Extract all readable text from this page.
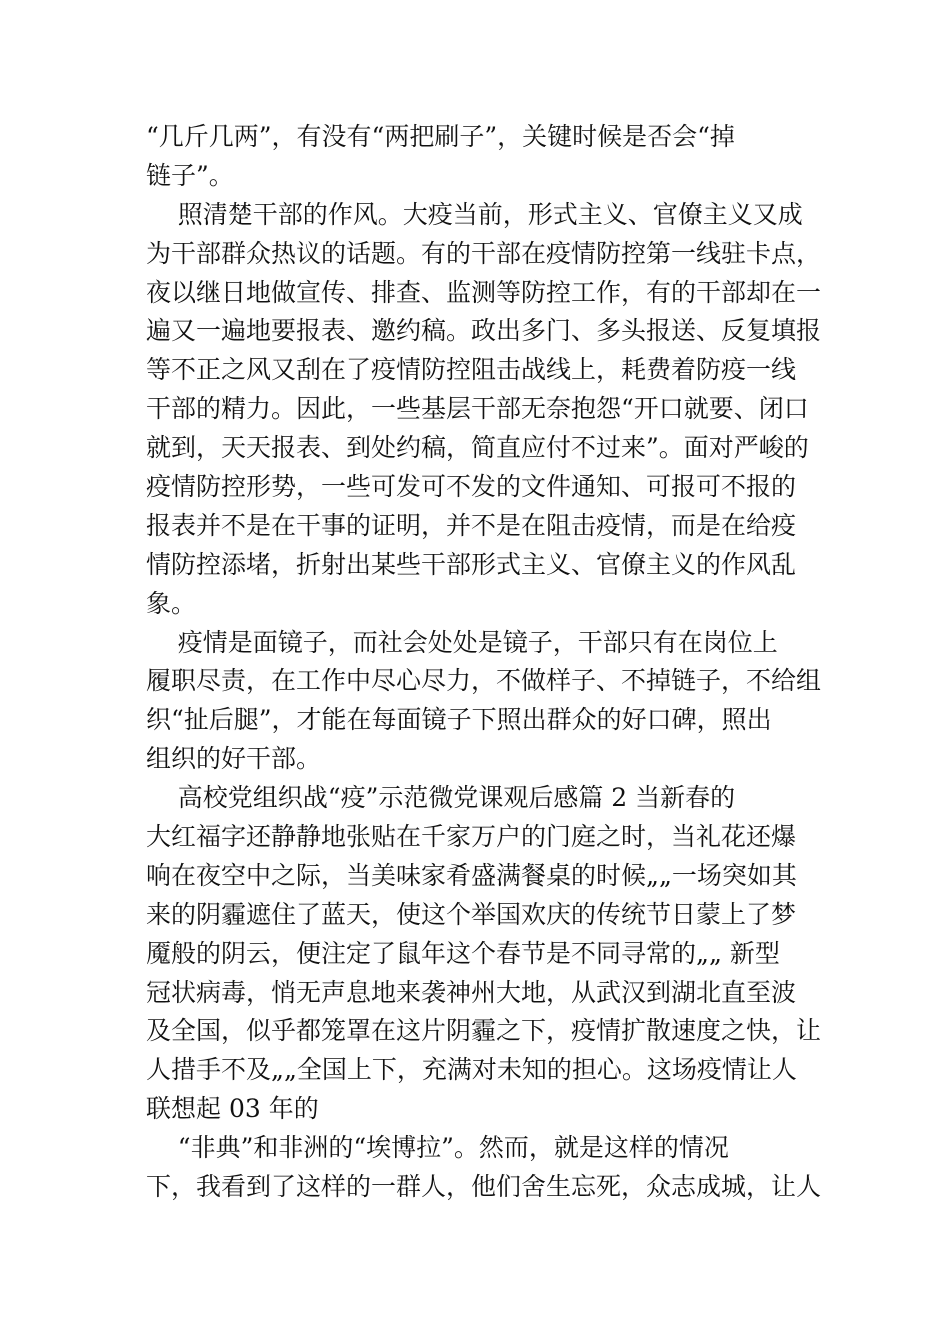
“几斤几两”，有没有“两把刷子”，关键时候是否会“掉
链子”。
照清楚干部的作风。大疫当前，形式主义、官僚主义又成
为干部群众热议的话题。有的干部在疫情防控第一线驻卡点，
夜以继日地做宣传、排查、监测等防控工作，有的干部却在一
遍又一遍地要报表、邀约稿。政出多门、多头报送、反复填报
等不正之风又刮在了疫情防控阻击战线上，耗费着防疫一线
干部的精力。因此，一些基层干部无奈抱怨“开口就要、闭口
就到，天天报表、到处约稿，简直应付不过来”。面对严峻的
疫情防控形势，一些可发可不发的文件通知、可报可不报的
报表并不是在干事的证明，并不是在阻击疫情，而是在给疫
情防控添堵，折射出某些干部形式主义、官僚主义的作风乱
象。
疫情是面镜子，而社会处处是镜子，干部只有在岗位上
履职尽责，在工作中尽心尽力，不做样子、不掉链子，不给组
织“扯后腿”，才能在每面镜子下照出群众的好口碑，照出
组织的好干部。
高校党组织战“疫”示范微党课观后感篇 2 当新春的
大红福字还静静地张贴在千家万户的门庭之时，当礼花还爆
响在夜空中之际，当美味家肴盛满餐桌的时候„„一场突如其
来的阴霾遮住了蓝天，使这个举国欢庆的传统节日蒙上了梦
魇般的阴云，便注定了鼠年这个春节是不同寻常的„„ 新型
冠状病毒，悄无声息地来袭神州大地，从武汉到湖北直至波
及全国，似乎都笼罩在这片阴霾之下，疫情扩散速度之快，让
人措手不及„„全国上下，充满对未知的担心。这场疫情让人
联想起 03 年的
“非典”和非洲的“埃博拉”。然而，就是这样的情况
下，我看到了这样的一群人，他们舍生忘死，众志成城，让人
